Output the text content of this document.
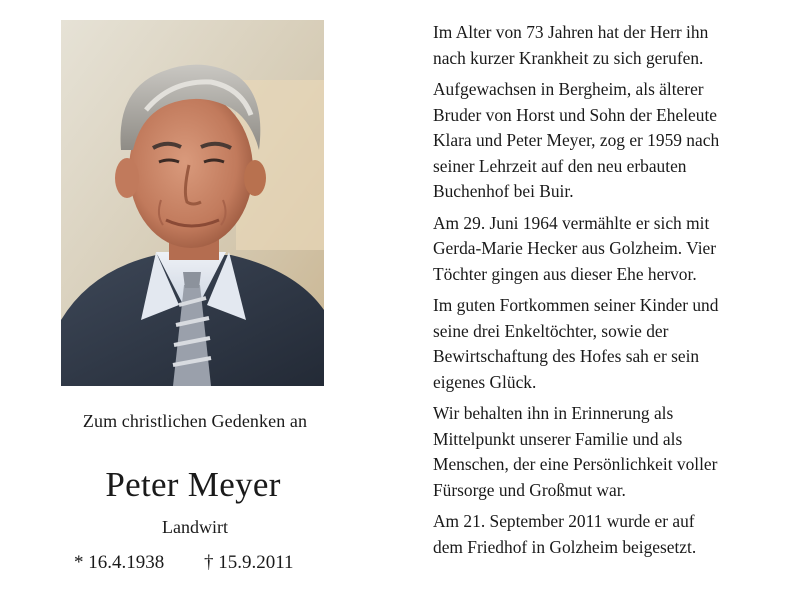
Zum christlichen Gedenken an
Peter Meyer
Landwirt
* 16.4.1938 † 15.9.2011
Im Alter von 73 Jahren hat der Herr ihn
nach kurzer Krankheit zu sich gerufen.
Aufgewachsen in Bergheim, als älterer
Bruder von Horst und Sohn der Eheleute
Klara und Peter Meyer, zog er 1959 nach
seiner Lehrzeit auf den neu erbauten
Buchenhof bei Buir.
Am 29. Juni 1964 vermählte er sich mit
Gerda-Marie Hecker aus Golzheim. Vier
Töchter gingen aus dieser Ehe hervor.
Im guten Fortkommen seiner Kinder und
seine drei Enkeltöchter, sowie der
Bewirtschaftung des Hofes sah er sein
eigenes Glück.
Wir behalten ihn in Erinnerung als
Mittelpunkt unserer Familie und als
Menschen, der eine Persönlichkeit voller
Fürsorge und Großmut war.
Am 21. September 2011 wurde er auf
dem Friedhof in Golzheim beigesetzt.
